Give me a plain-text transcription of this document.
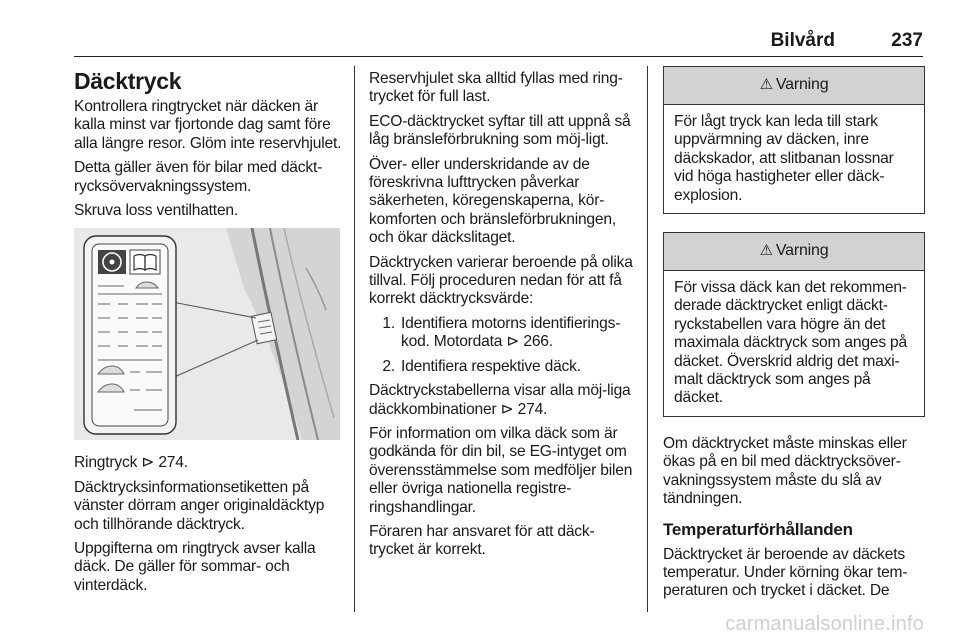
Bilvård	237
Däcktryck

Kontrollera ringtrycket när däcken är kalla minst var fjortonde dag samt före alla längre resor. Glöm inte reservhjulet.

Detta gäller även för bilar med däckt-rycksövervakningssystem.

Skruva loss ventilhatten.

Ringtryck ⊳ 274.

Däcktrycksinformationsetiketten på vänster dörram anger originaldäcktyp och tillhörande däcktryck.

Uppgifterna om ringtryck avser kalla däck. De gäller för sommar- och vinterdäck.

Reservhjulet ska alltid fyllas med ring-trycket för full last.

ECO-däcktrycket syftar till att uppnå så låg bränsleförbrukning som möj-ligt.

Över- eller underskridande av de föreskrivna lufttrycken påverkar säkerheten, köregenskaperna, kör-komforten och bränsleförbrukningen, och ökar däckslitaget.

Däcktrycken varierar beroende på olika tillval. Följ proceduren nedan för att få korrekt däcktrycksvärde:

1. Identifiera motorns identifierings-kod. Motordata ⊳ 266.
2. Identifiera respektive däck.

Däcktryckstabellerna visar alla möj-liga däckkombinationer ⊳ 274.

För information om vilka däck som är godkända för din bil, se EG-intyget om överensstämmelse som medföljer bilen eller övriga nationella registre-ringshandlingar.

Föraren har ansvaret för att däck-trycket är korrekt.

⚠ Varning
För lågt tryck kan leda till stark uppvärmning av däcken, inre däckskador, att slitbanan lossnar vid höga hastigheter eller däck-explosion.
⚠ Varning
För vissa däck kan det rekommen-derade däcktrycket enligt däckt-ryckstabellen vara högre än det maximala däcktryck som anges på däcket. Överskrid aldrig det maxi-malt däcktryck som anges på däcket.

Om däcktrycket måste minskas eller ökas på en bil med däcktrycksöver-vakningssystem måste du slå av tändningen.

Temperaturförhållanden

Däcktrycket är beroende av däckets temperatur. Under körning ökar tem-peraturen och trycket i däcket. De

carmanualsonline.info
